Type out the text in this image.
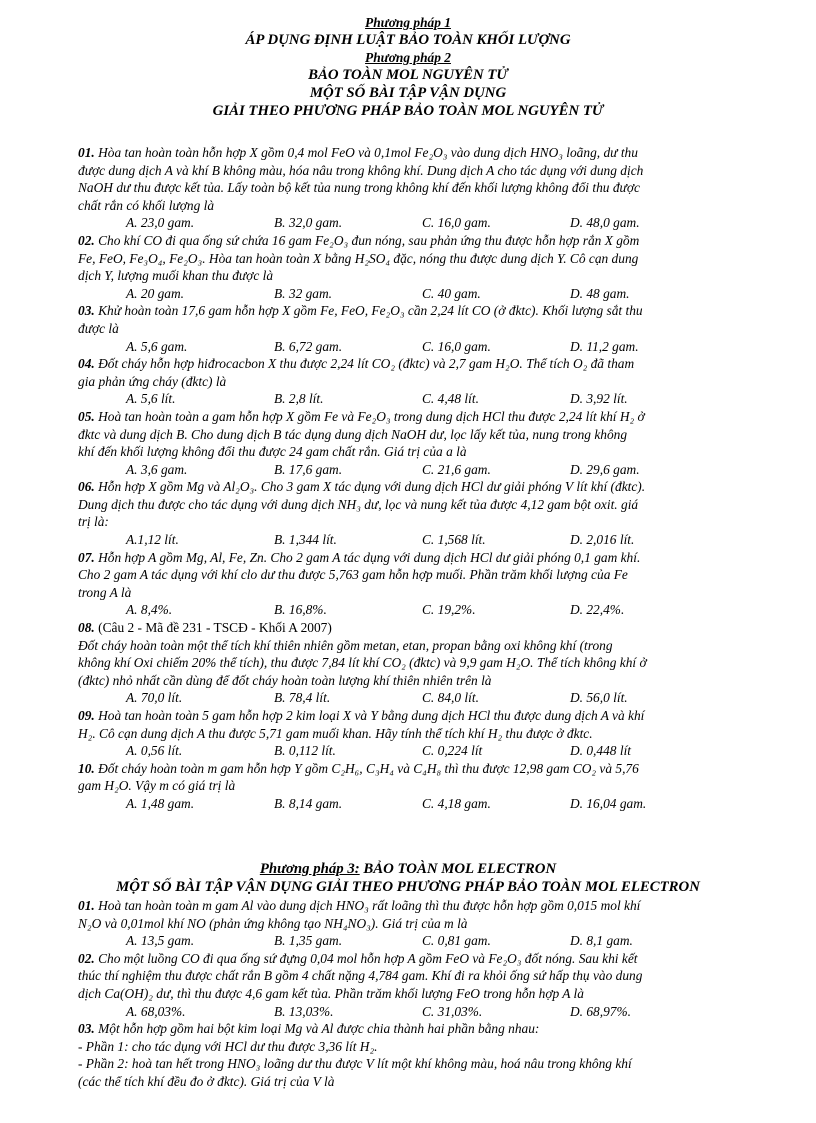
Phương pháp 1
ÁP DỤNG ĐỊNH LUẬT BẢO TOÀN KHỐI LƯỢNG
Phương pháp 2
BẢO TOÀN MOL NGUYÊN TỬ
MỘT SỐ BÀI TẬP VẬN DỤNG
GIẢI THEO PHƯƠNG PHÁP BẢO TOÀN MOL NGUYÊN TỬ

01. Hòa tan hoàn toàn hỗn hợp X gồm 0,4 mol FeO và 0,1mol Fe₂O₃ vào dung dịch HNO₃ loãng, dư thu

được dung dịch A và khí B không màu, hóa nâu trong không khí. Dung dịch A cho tác dụng với dung dịch

NaOH dư thu được kết tủa. Lấy toàn bộ kết tủa nung trong không khí đến khối lượng không đổi thu được

chất rắn có khối lượng là

A. 23,0 gam.	B. 32,0 gam.	C. 16,0 gam.	D. 48,0 gam.

02. Cho khí CO đi qua ống sứ chứa 16 gam Fe₂O₃ đun nóng, sau phản ứng thu được hỗn hợp rắn X gồm

Fe, FeO, Fe₃O₄, Fe₂O₃. Hòa tan hoàn toàn X bằng H₂SO₄ đặc, nóng thu được dung dịch Y. Cô cạn dung

dịch Y, lượng muối khan thu được là

A. 20 gam.	B. 32 gam.	C. 40 gam.	D. 48 gam.

03. Khử hoàn toàn 17,6 gam hỗn hợp X gồm Fe, FeO, Fe₂O₃ cần 2,24 lít CO (ở đktc). Khối lượng sắt thu

được là

A. 5,6 gam.	B. 6,72 gam.	C. 16,0 gam.	D. 11,2 gam.

04. Đốt cháy hỗn hợp hiđrocacbon X thu được 2,24 lít CO₂ (đktc) và 2,7 gam H₂O. Thể tích O₂ đã tham

gia phản ứng cháy (đktc) là

A. 5,6 lít.	B. 2,8 lít.	C. 4,48 lít.	D. 3,92 lít.

05. Hoà tan hoàn toàn a gam hỗn hợp X gồm Fe và Fe₂O₃ trong dung dịch HCl thu được 2,24 lít khí H₂ ở

đktc và dung dịch B. Cho dung dịch B tác dụng dung dịch NaOH dư, lọc lấy kết tủa, nung trong không

khí đến khối lượng không đổi thu được 24 gam chất rắn. Giá trị của a là

A. 3,6 gam.	B. 17,6 gam.	C. 21,6 gam.	D. 29,6 gam.

06. Hỗn hợp X gồm Mg và Al₂O₃. Cho 3 gam X tác dụng với dung dịch HCl dư giải phóng V lít khí (đktc).

Dung dịch thu được cho tác dụng với dung dịch NH₃ dư, lọc và nung kết tủa được 4,12 gam bột oxit. giá

trị là:

A.1,12 lít.	B. 1,344 lít.	C. 1,568 lít.	D. 2,016 lít.

07. Hỗn hợp A gồm Mg, Al, Fe, Zn. Cho 2 gam A tác dụng với dung dịch HCl dư giải phóng 0,1 gam khí.

Cho 2 gam A tác dụng với khí clo dư thu được 5,763 gam hỗn hợp muối. Phần trăm khối lượng của Fe

trong A là

A. 8,4%.	B. 16,8%.	C. 19,2%.	D. 22,4%.

08. (Câu 2 - Mã đề 231 - TSCĐ - Khối A 2007)

Đốt cháy hoàn toàn một thể tích khí thiên nhiên gồm metan, etan, propan bằng oxi không khí (trong

không khí Oxi chiếm 20% thể tích), thu được 7,84 lít khí CO₂ (đktc) và 9,9 gam H₂O. Thể tích không khí ở

(đktc) nhỏ nhất cần dùng để đốt cháy hoàn toàn lượng khí thiên nhiên trên là

A. 70,0 lít.	B. 78,4 lít.	C. 84,0 lít.	D. 56,0 lít.

09. Hoà tan hoàn toàn 5 gam hỗn hợp 2 kim loại X và Y bằng dung dịch HCl thu được dung dịch A và khí

H₂. Cô cạn dung dịch A thu được 5,71 gam muối khan. Hãy tính thể tích khí H₂ thu được ở đktc.

A. 0,56 lít.	B. 0,112 lít.	C. 0,224 lít	D. 0,448 lít

10. Đốt cháy hoàn toàn m gam hỗn hợp Y gồm C₂H₆, C₃H₄ và C₄H₈ thì thu được 12,98 gam CO₂ và 5,76

gam H₂O. Vậy m có giá trị là

A. 1,48 gam.	B. 8,14 gam.	C. 4,18 gam.	D. 16,04 gam.
Phương pháp 3: BẢO TOÀN MOL ELECTRON
MỘT SỐ BÀI TẬP VẬN DỤNG GIẢI THEO PHƯƠNG PHÁP BẢO TOÀN MOL ELECTRON

01. Hoà tan hoàn toàn m gam Al vào dung dịch HNO₃ rất loãng thì thu được hỗn hợp gồm 0,015 mol khí

N₂O và 0,01mol khí NO (phản ứng không tạo NH₄NO₃). Giá trị của m là

A. 13,5 gam.	B. 1,35 gam.	C. 0,81 gam.	D. 8,1 gam.

02. Cho một luồng CO đi qua ống sứ đựng 0,04 mol hỗn hợp A gồm FeO và Fe₂O₃ đốt nóng. Sau khi kết

thúc thí nghiệm thu được chất rắn B gồm 4 chất nặng 4,784 gam. Khí đi ra khỏi ống sứ hấp thụ vào dung

dịch Ca(OH)₂ dư, thì thu được 4,6 gam kết tủa. Phần trăm khối lượng FeO trong hỗn hợp A là

A. 68,03%.	B. 13,03%.	C. 31,03%.	D. 68,97%.

03. Một hỗn hợp gồm hai bột kim loại Mg và Al được chia thành hai phần bằng nhau:

- Phần 1: cho tác dụng với HCl dư thu được 3,36 lít H₂.

- Phần 2: hoà tan hết trong HNO₃ loãng dư thu được V lít một khí không màu, hoá nâu trong không khí

(các thể tích khí đều đo ở đktc). Giá trị của V là
